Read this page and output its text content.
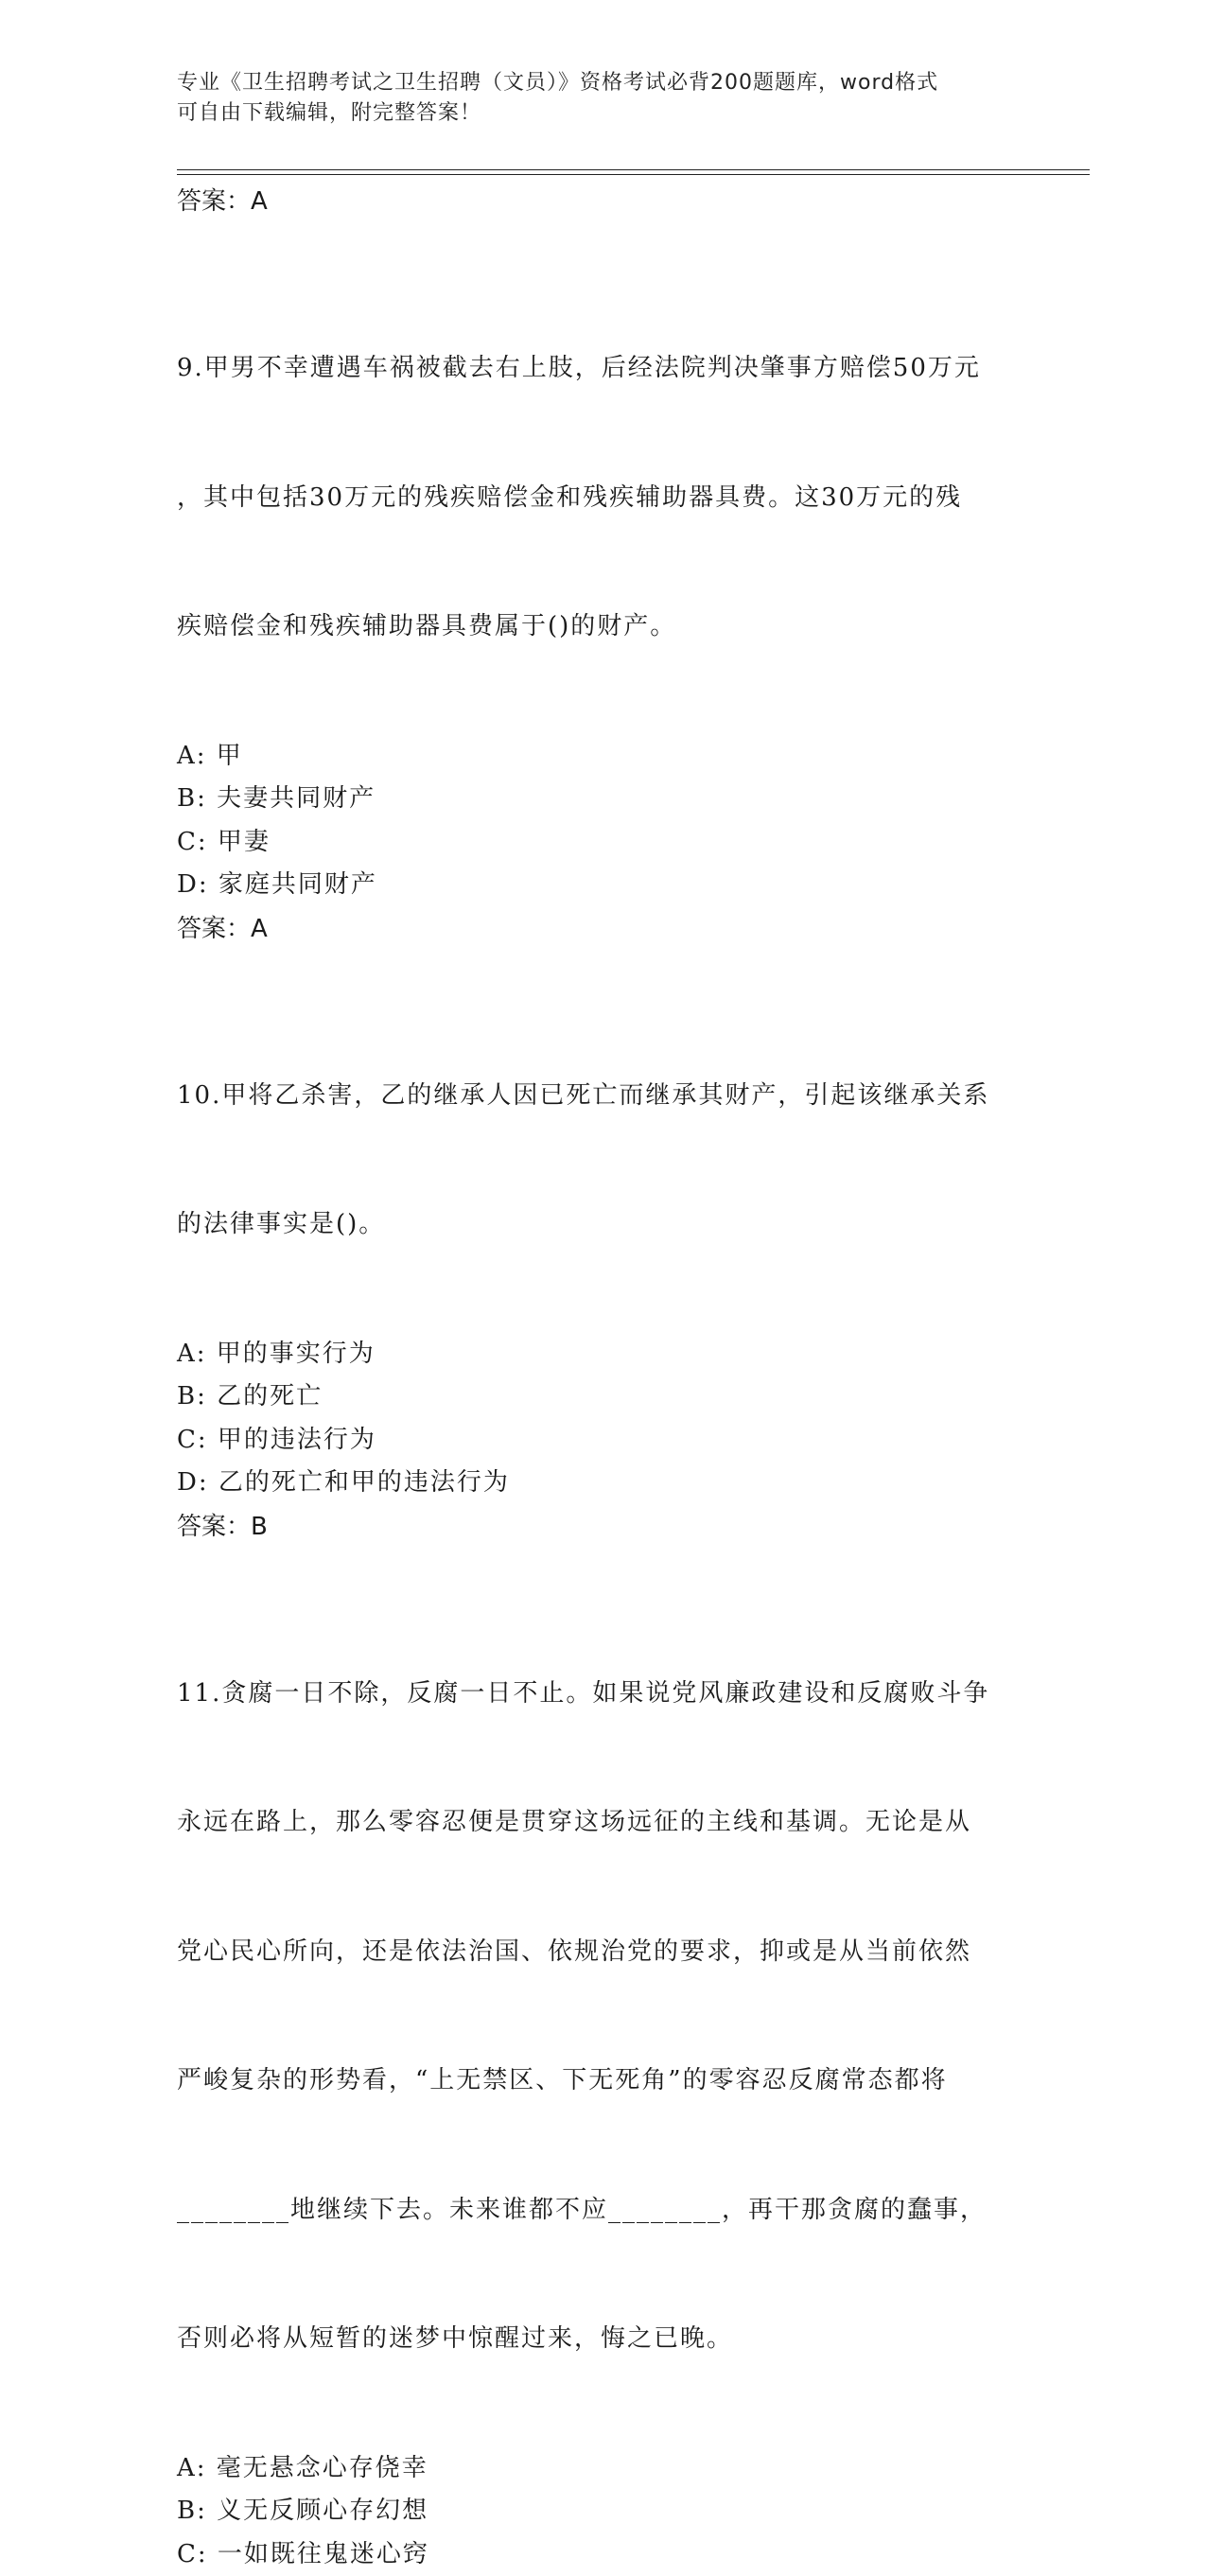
专业《卫生招聘考试之卫生招聘（文员）》资格考试必背200题题库，word格式
可自由下载编辑，附完整答案！
答案：A

9.甲男不幸遭遇车祸被截去右上肢，后经法院判决肇事方赔偿50万元

，其中包括30万元的残疾赔偿金和残疾辅助器具费。这30万元的残

疾赔偿金和残疾辅助器具费属于()的财产。

A: 甲
B: 夫妻共同财产
C: 甲妻
D: 家庭共同财产
答案：A

10.甲将乙杀害，乙的继承人因已死亡而继承其财产，引起该继承关系

的法律事实是()。

A: 甲的事实行为
B: 乙的死亡
C: 甲的违法行为
D: 乙的死亡和甲的违法行为
答案：B

11.贪腐一日不除，反腐一日不止。如果说党风廉政建设和反腐败斗争

永远在路上，那么零容忍便是贯穿这场远征的主线和基调。无论是从

党心民心所向，还是依法治国、依规治党的要求，抑或是从当前依然

严峻复杂的形势看，“上无禁区、下无死角”的零容忍反腐常态都将

________地继续下去。未来谁都不应________，再干那贪腐的蠢事，

否则必将从短暂的迷梦中惊醒过来，悔之已晚。

A: 毫无悬念心存侥幸
B: 义无反顾心存幻想
C: 一如既往鬼迷心窍
